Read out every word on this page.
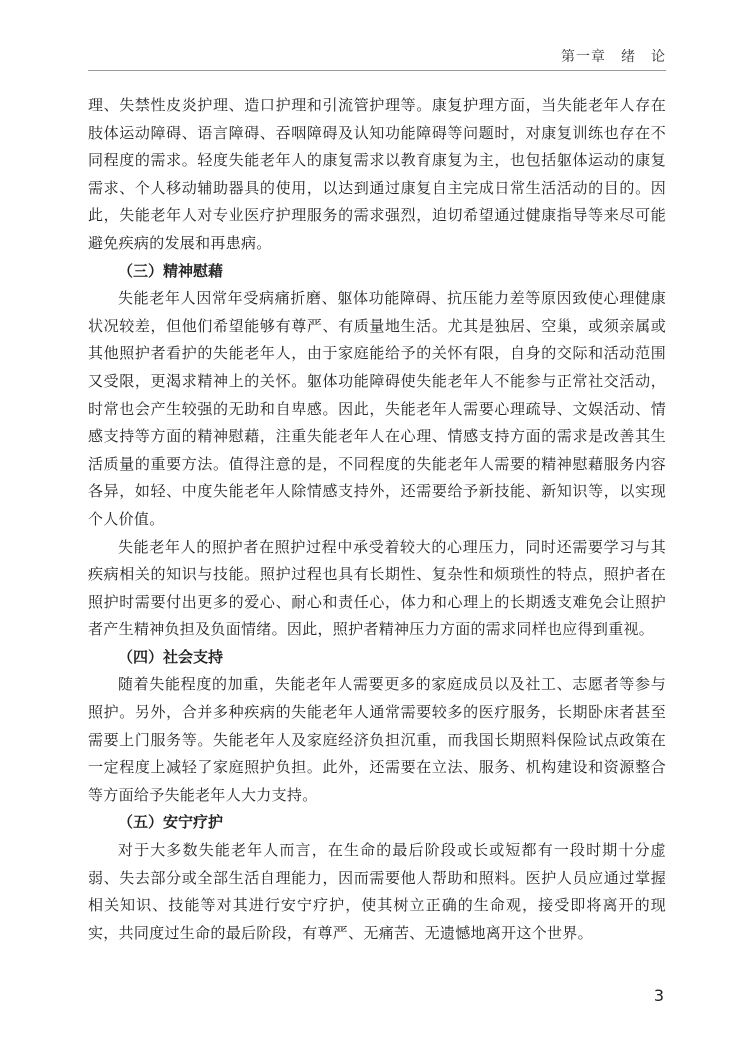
第一章　绪　论

理、失禁性皮炎护理、造口护理和引流管护理等。康复护理方面，当失能老年人存在肢体运动障碍、语言障碍、吞咽障碍及认知功能障碍等问题时，对康复训练也存在不同程度的需求。轻度失能老年人的康复需求以教育康复为主，也包括躯体运动的康复需求、个人移动辅助器具的使用，以达到通过康复自主完成日常生活活动的目的。因此，失能老年人对专业医疗护理服务的需求强烈，迫切希望通过健康指导等来尽可能避免疾病的发展和再患病。

（三）精神慰藉

失能老年人因常年受病痛折磨、躯体功能障碍、抗压能力差等原因致使心理健康状况较差，但他们希望能够有尊严、有质量地生活。尤其是独居、空巢，或须亲属或其他照护者看护的失能老年人，由于家庭能给予的关怀有限，自身的交际和活动范围又受限，更渴求精神上的关怀。躯体功能障碍使失能老年人不能参与正常社交活动，时常也会产生较强的无助和自卑感。因此，失能老年人需要心理疏导、文娱活动、情感支持等方面的精神慰藉，注重失能老年人在心理、情感支持方面的需求是改善其生活质量的重要方法。值得注意的是，不同程度的失能老年人需要的精神慰藉服务内容各异，如轻、中度失能老年人除情感支持外，还需要给予新技能、新知识等，以实现个人价值。

失能老年人的照护者在照护过程中承受着较大的心理压力，同时还需要学习与其疾病相关的知识与技能。照护过程也具有长期性、复杂性和烦琐性的特点，照护者在照护时需要付出更多的爱心、耐心和责任心，体力和心理上的长期透支难免会让照护者产生精神负担及负面情绪。因此，照护者精神压力方面的需求同样也应得到重视。

（四）社会支持

随着失能程度的加重，失能老年人需要更多的家庭成员以及社工、志愿者等参与照护。另外，合并多种疾病的失能老年人通常需要较多的医疗服务，长期卧床者甚至需要上门服务等。失能老年人及家庭经济负担沉重，而我国长期照料保险试点政策在一定程度上减轻了家庭照护负担。此外，还需要在立法、服务、机构建设和资源整合等方面给予失能老年人大力支持。

（五）安宁疗护

对于大多数失能老年人而言，在生命的最后阶段或长或短都有一段时期十分虚弱、失去部分或全部生活自理能力，因而需要他人帮助和照料。医护人员应通过掌握相关知识、技能等对其进行安宁疗护，使其树立正确的生命观，接受即将离开的现实，共同度过生命的最后阶段，有尊严、无痛苦、无遗憾地离开这个世界。

3
